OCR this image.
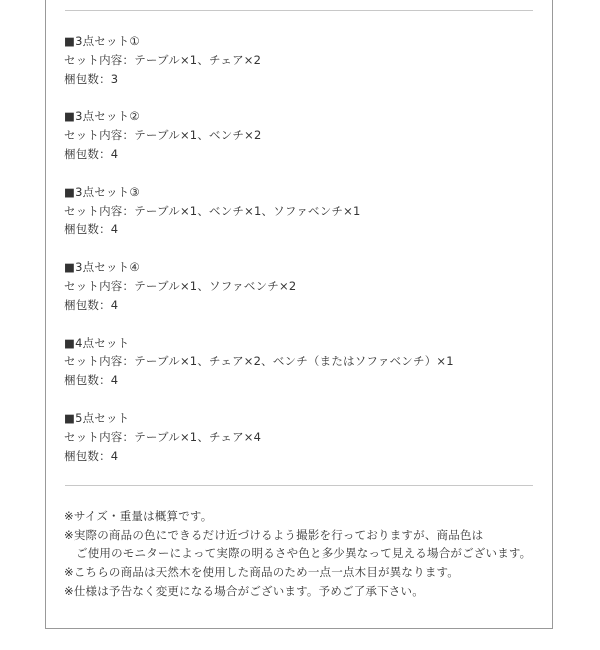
■3点セット①
セット内容：テーブル×1、チェア×2
梱包数：3
■3点セット②
セット内容：テーブル×1、ベンチ×2
梱包数：4
■3点セット③
セット内容：テーブル×1、ベンチ×1、ソファベンチ×1
梱包数：4
■3点セット④
セット内容：テーブル×1、ソファベンチ×2
梱包数：4
■4点セット
セット内容：テーブル×1、チェア×2、ベンチ（またはソファベンチ）×1
梱包数：4
■5点セット
セット内容：テーブル×1、チェア×4
梱包数：4
※サイズ・重量は概算です。
※実際の商品の色にできるだけ近づけるよう撮影を行っておりますが、商品色は
ご使用のモニターによって実際の明るさや色と多少異なって見える場合がございます。
※こちらの商品は天然木を使用した商品のため一点一点木目が異なります。
※仕様は予告なく変更になる場合がございます。予めご了承下さい。
